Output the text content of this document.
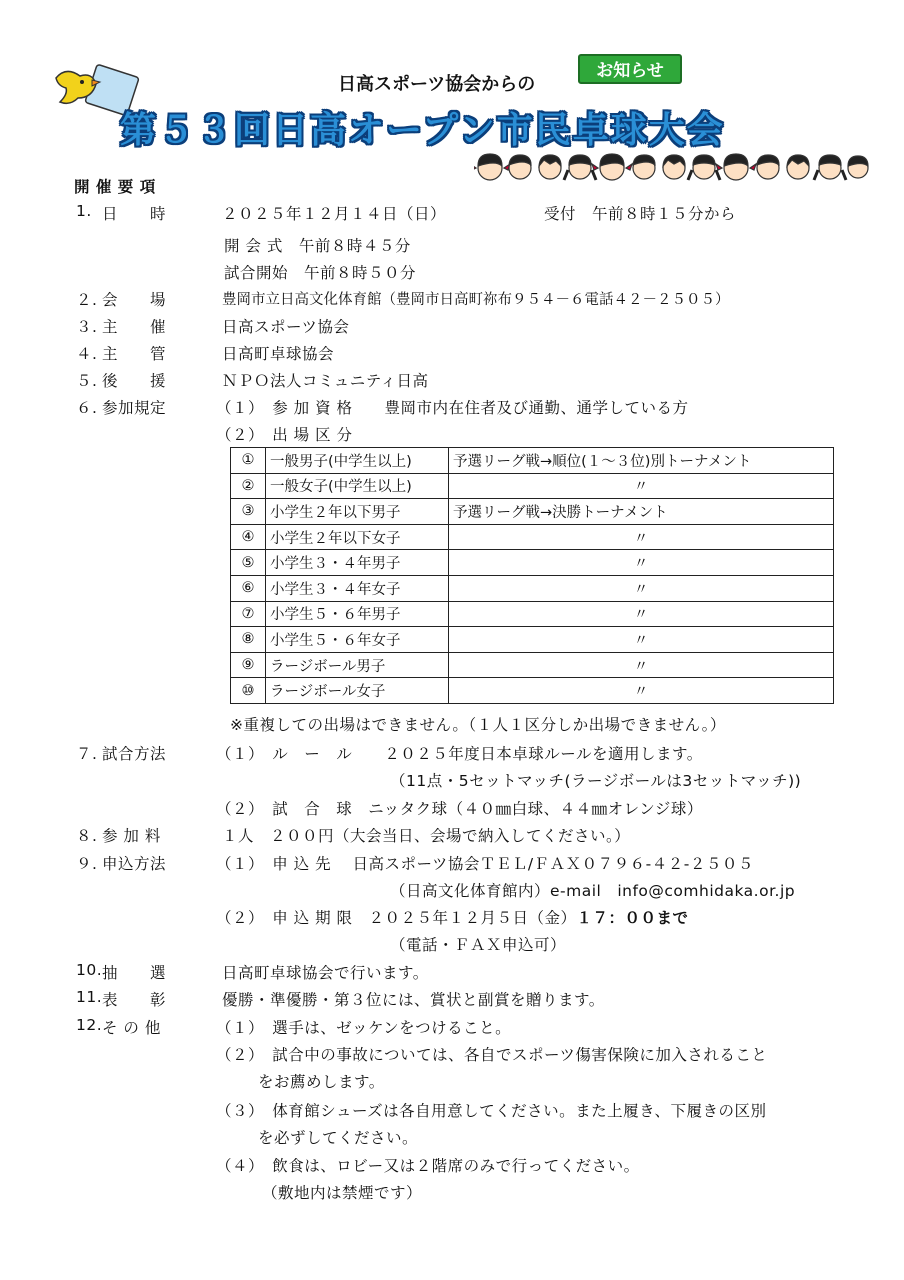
日高スポーツ協会からの
お知らせ
第５３回日高オープン市民卓球大会
開 催 要 項
1. 日　　時	２０２５年１２月１４日（日）	受付　午前８時１５分から
開 会 式　午前８時４５分
試合開始　午前８時５０分
２. 会　　場	豊岡市立日高文化体育館（豊岡市日高町祢布９５４－６電話４２－２５０５）
３. 主　　催	日高スポーツ協会
４. 主　　管	日高町卓球協会
５. 後　　援	ＮＰＯ法人コミュニティ日高
６. 参加規定	（１）　参 加 資 格　　豊岡市内在住者及び通勤、通学している方
（２）　出 場 区 分
①	一般男子(中学生以上)	予選リーグ戦→順位(１～３位)別トーナメント
②	一般女子(中学生以上)	〃
③	小学生２年以下男子	予選リーグ戦→決勝トーナメント
④	小学生２年以下女子	〃
⑤	小学生３・４年男子	〃
⑥	小学生３・４年女子	〃
⑦	小学生５・６年男子	〃
⑧	小学生５・６年女子	〃
⑨	ラージボール男子	〃
⑩	ラージボール女子	〃
※重複しての出場はできません。（１人１区分しか出場できません。）
７. 試合方法	（１）　ル　ー　ル　　２０２５年度日本卓球ルールを適用します。
（11点・5セットマッチ(ラージボールは3セットマッチ))
（２）　試　合　球　ニッタク球（４０㎜白球、４４㎜オレンジ球）
８. 参 加 料	１人　２００円（大会当日、会場で納入してください。）
９. 申込方法	（１）　申 込 先　 日高スポーツ協会ＴＥＬ/ＦＡＸ０７９６-４２-２５０５
（日高文化体育館内）e-mail　info@comhidaka.or.jp
（２）　申 込 期 限　２０２５年１２月５日（金）１７：００まで
（電話・ＦＡＸ申込可）
10. 抽　　選	日高町卓球協会で行います。
11. 表　　彰	優勝・準優勝・第３位には、賞状と副賞を贈ります。
12. そ の 他	（１）　選手は、ゼッケンをつけること。
（２）　試合中の事故については、各自でスポーツ傷害保険に加入されること
をお薦めします。
（３）　体育館シューズは各自用意してください。また上履き、下履きの区別
を必ずしてください。
（４）　飲食は、ロビー又は２階席のみで行ってください。
（敷地内は禁煙です）
